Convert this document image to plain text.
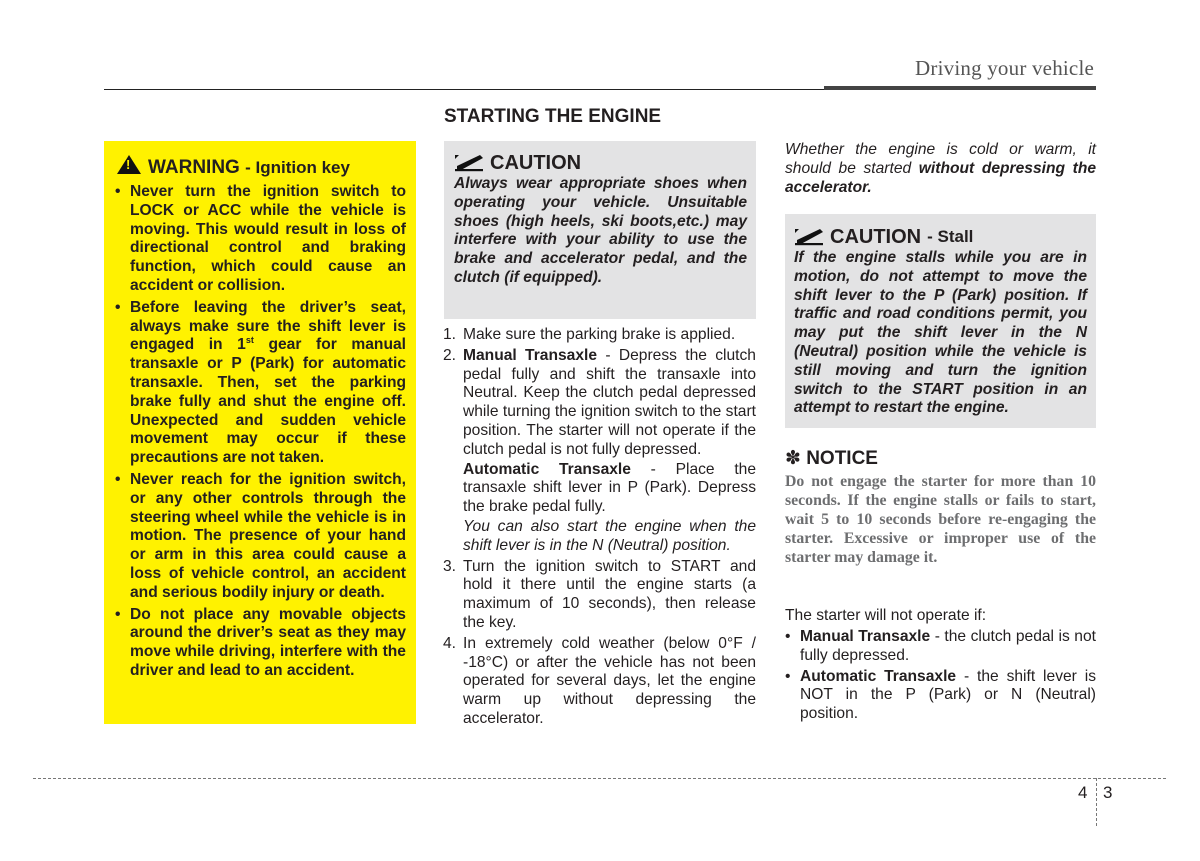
Driving your vehicle
!WARNING - Ignition key
• Never turn the ignition switch to LOCK or ACC while the vehicle is moving. This would result in loss of directional control and braking function, which could cause an accident or collision.
• Before leaving the driver’s seat, always make sure the shift lever is engaged in 1st gear for manual transaxle or P (Park) for automatic transaxle. Then, set the parking brake fully and shut the engine off. Unexpected and sudden vehicle movement may occur if these precautions are not taken.
• Never reach for the ignition switch, or any other controls through the steering wheel while the vehicle is in motion. The presence of your hand or arm in this area could cause a loss of vehicle control, an accident and serious bodily injury or death.
• Do not place any movable objects around the driver’s seat as they may move while driving, interfere with the driver and lead to an accident.
STARTING THE ENGINE
CAUTION
Always wear appropriate shoes when operating your vehicle. Unsuitable shoes (high heels, ski boots,etc.) may interfere with your ability to use the brake and accelerator pedal, and the clutch (if equipped).
1. Make sure the parking brake is applied.
2. Manual Transaxle - Depress the clutch pedal fully and shift the transaxle into Neutral. Keep the clutch pedal depressed while turning the ignition switch to the start position. The starter will not operate if the clutch pedal is not fully depressed.

Automatic Transaxle - Place the transaxle shift lever in P (Park). Depress the brake pedal fully.

You can also start the engine when the shift lever is in the N (Neutral) position.

3. Turn the ignition switch to START and hold it there until the engine starts (a maximum of 10 seconds), then release the key.
4. In extremely cold weather (below 0°F / -18°C) or after the vehicle has not been operated for several days, let the engine warm up without depressing the accelerator.
Whether the engine is cold or warm, it should be started without depressing the accelerator.
CAUTION - Stall
If the engine stalls while you are in motion, do not attempt to move the shift lever to the P (Park) position. If traffic and road conditions permit, you may put the shift lever in the N (Neutral) position while the vehicle is still moving and turn the ignition switch to the START position in an attempt to restart the engine.
✽ NOTICE
Do not engage the starter for more than 10 seconds. If the engine stalls or fails to start, wait 5 to 10 seconds before re-engaging the starter. Excessive or improper use of the starter may damage it.
The starter will not operate if:
• Manual Transaxle - the clutch pedal is not fully depressed.
• Automatic Transaxle - the shift lever is NOT in the P (Park) or N (Neutral) position.
4 3
